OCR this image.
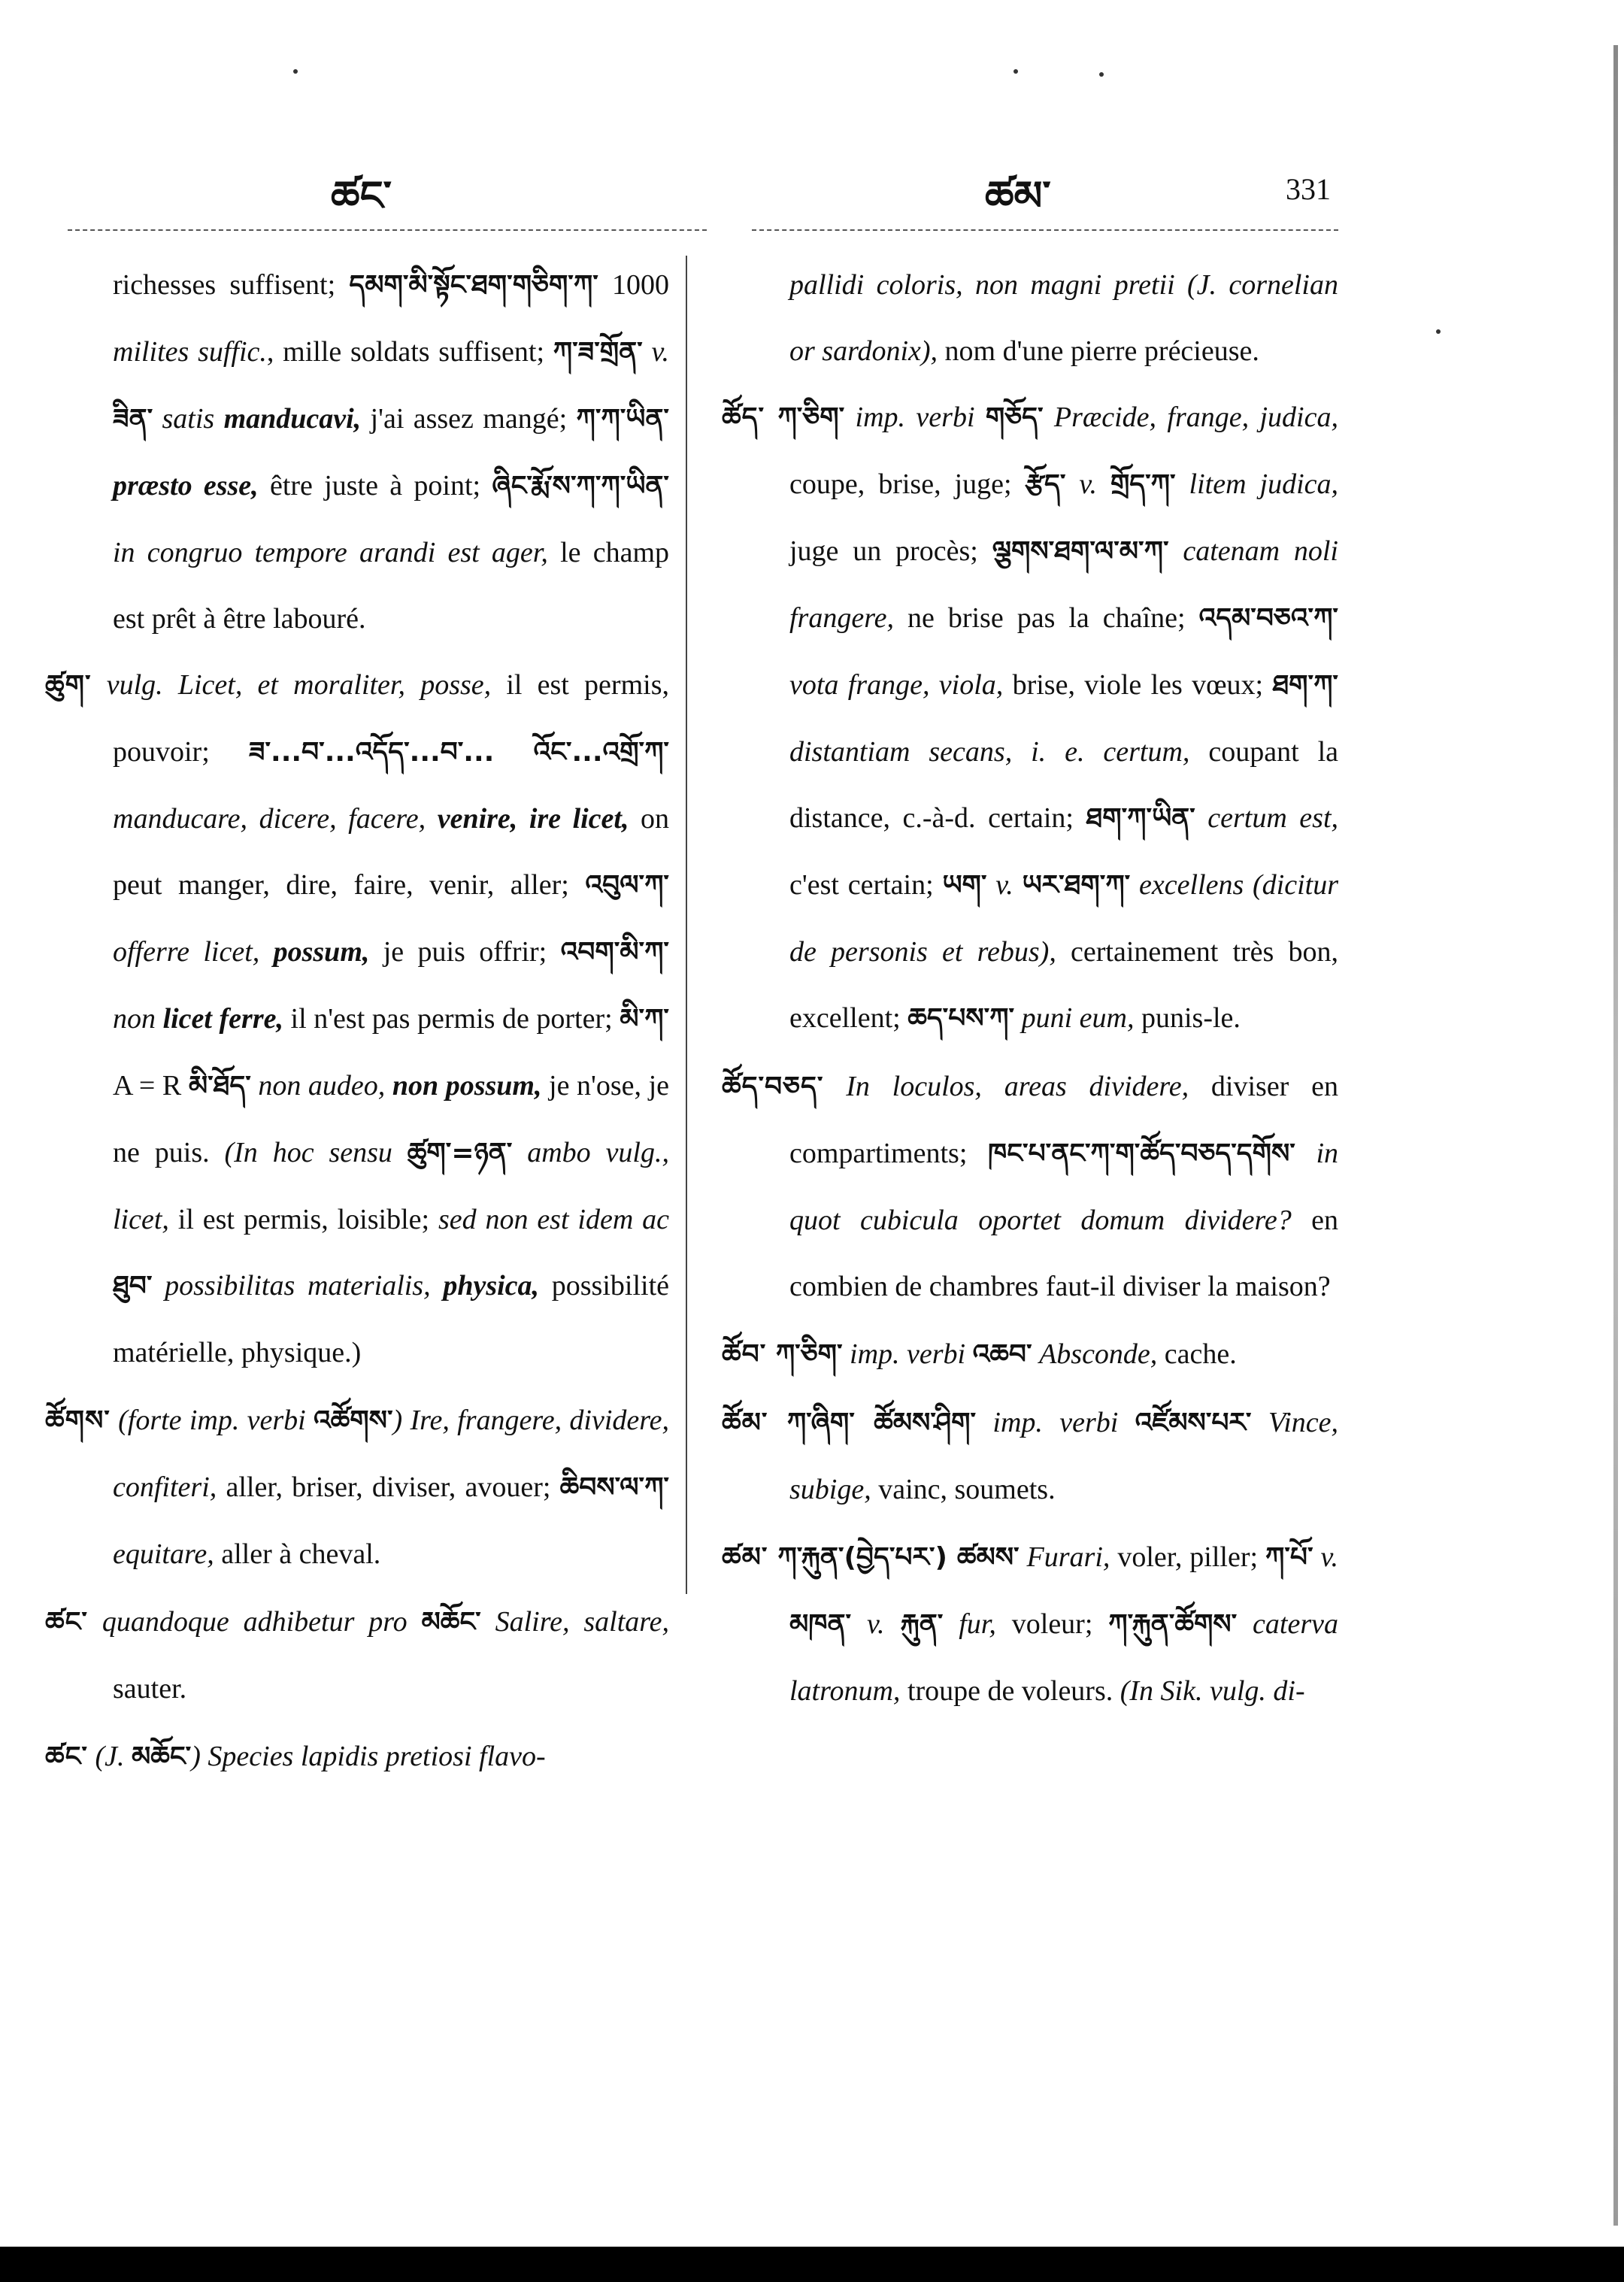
ཚང་	ཚམ་	331

richesses suffisent; དམག་མི་སྟོང་ཐག་གཅིག་ཀ་ 1000 milites suffic., mille soldats suffisent; ཀ་ཟ་གྲོན་ v. ཟིན་ satis manducavi, j'ai assez mangé; ཀ་ཀ་ཡིན་ præsto esse, être juste à point; ཞིང་རྨོ་ས་ཀ་ཀ་ཡིན་ in congruo tempore arandi est ager, le champ est prêt à être labouré.

ཚུག་ vulg. Licet, et moraliter, posse, il est permis, pouvoir; ཟ་...བ་...འདོད་...བ་... འོང་...འགྲོ་ཀ་ manducare, dicere, facere, venire, ire licet, on peut manger, dire, faire, venir, aller; འབུལ་ཀ་ offerre licet, possum, je puis offrir; འབག་མི་ཀ་ non licet ferre, il n'est pas permis de porter; མི་ཀ་ A = R མི་ཐོད་ non audeo, non possum, je n'ose, je ne puis. (In hoc sensu ཚུག་=ཉན་ ambo vulg., licet, il est permis, loisible; sed non est idem ac ཐུབ་ possibilitas materialis, physica, possibilité matérielle, physique.)

ཚོགས་ (forte imp. verbi འཚོགས་) Ire, frangere, dividere, confiteri, aller, briser, diviser, avouer; ཆིབས་ལ་ཀ་ equitare, aller à cheval.

ཚང་ quandoque adhibetur pro མཆོང་ Salire, saltare, sauter.

ཚང་ (J. མཆོང་) Species lapidis pretiosi flavo-

pallidi coloris, non magni pretii (J. cornelian or sardonix), nom d'une pierre précieuse.

ཚོད་ ཀ་ཅིག་ imp. verbi གཅོད་ Præcide, frange, judica, coupe, brise, juge; རྩོད་ v. གྲོད་ཀ་ litem judica, juge un procès; ལྕགས་ཐག་ལ་མ་ཀ་ catenam noli frangere, ne brise pas la chaîne; འདམ་བཅའ་ཀ་ vota frange, viola, brise, viole les vœux; ཐག་ཀ་ distantiam secans, i. e. certum, coupant la distance, c.-à-d. certain; ཐག་ཀ་ཡིན་ certum est, c'est certain; ཡག་ v. ཡར་ཐག་ཀ་ excellens (dicitur de personis et rebus), certainement très bon, excellent; ཆད་པས་ཀ་ puni eum, punis-le.

ཚོད་བཅད་ In loculos, areas dividere, diviser en compartiments; ཁང་པ་ནང་ཀ་ག་ཚོད་བཅད་དགོས་ in quot cubicula oportet domum dividere? en combien de chambres faut-il diviser la maison?

ཚོབ་ ཀ་ཅིག་ imp. verbi འཆབ་ Absconde, cache.

ཚོམ་ ཀ་ཞིག་ ཚོམས་ཤིག་ imp. verbi འཛོམས་པར་ Vince, subige, vainc, soumets.

ཚམ་ ཀ་རྐུན་(བྱེད་པར་) ཚམས་ Furari, voler, piller; ཀ་པོ་ v. མཁན་ v. རྐུན་ fur, voleur; ཀ་རྐུན་ཚོགས་ caterva latronum, troupe de voleurs. (In Sik. vulg. di-
